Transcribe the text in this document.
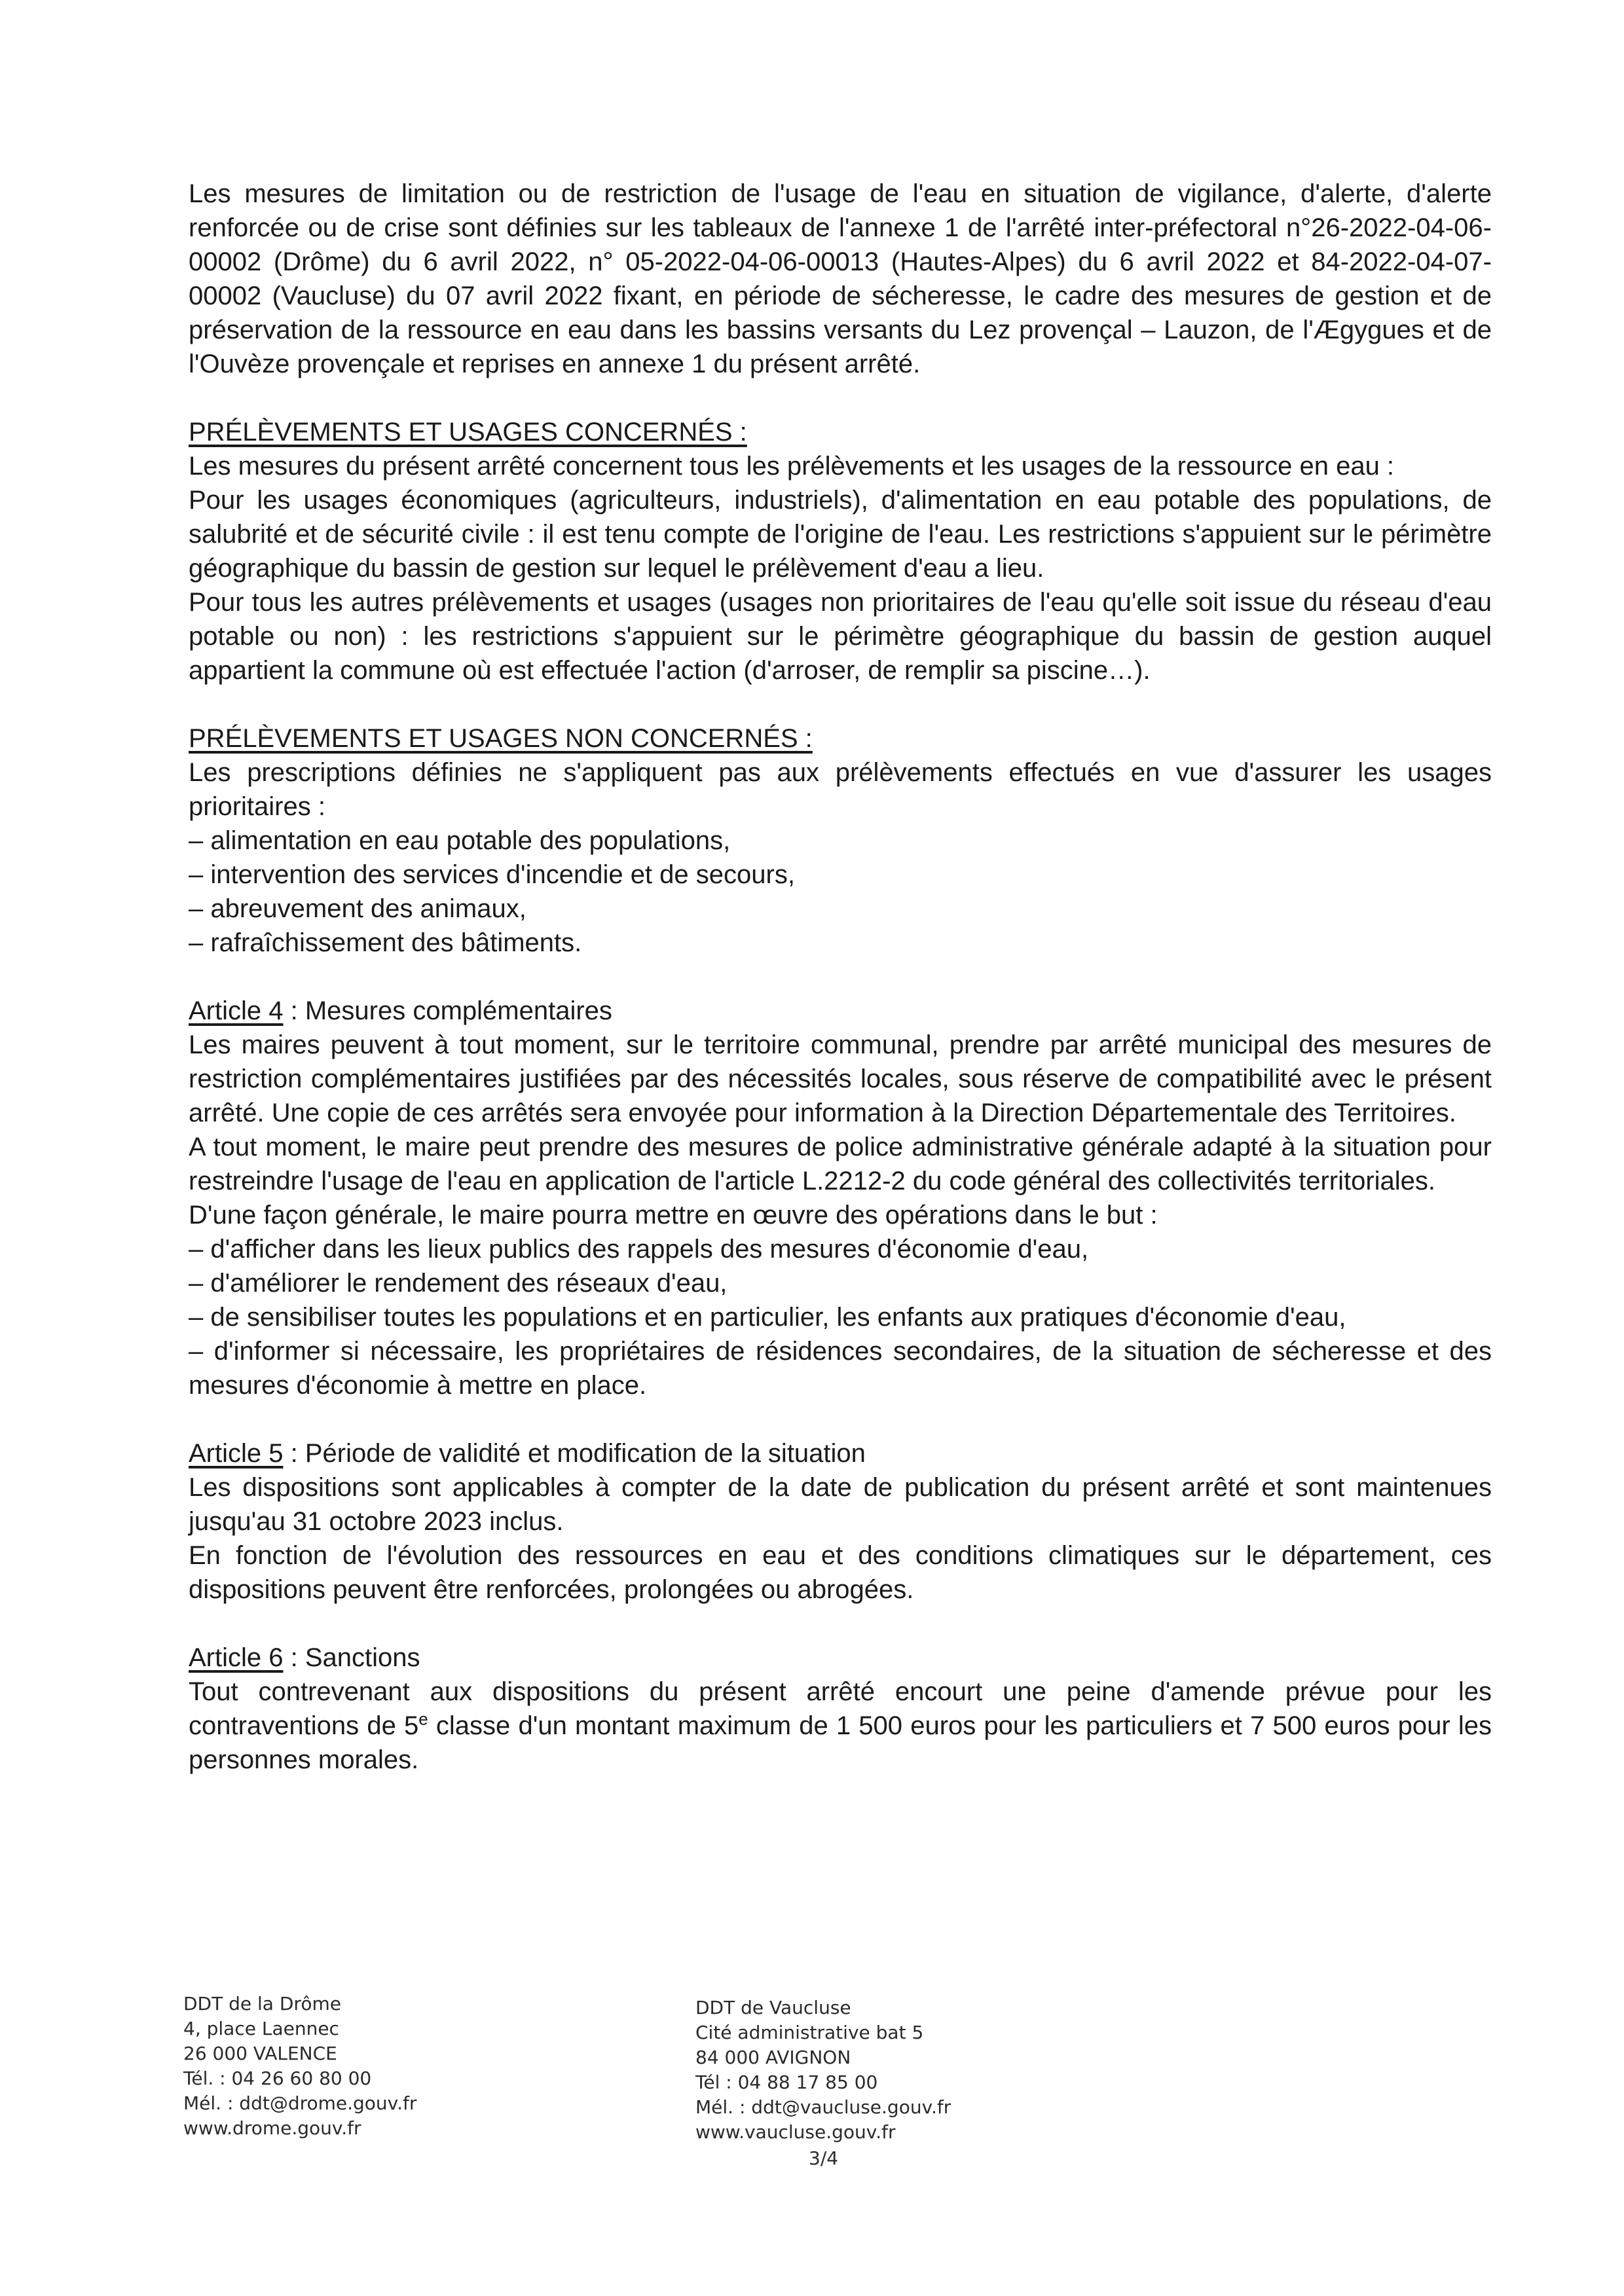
Les mesures de limitation ou de restriction de l'usage de l'eau en situation de vigilance, d'alerte, d'alerte renforcée ou de crise sont définies sur les tableaux de l'annexe 1 de l'arrêté inter-préfectoral n°26-2022-04-06-00002 (Drôme) du 6 avril 2022, n° 05-2022-04-06-00013 (Hautes-Alpes) du 6 avril 2022 et 84-2022-04-07-00002 (Vaucluse) du 07 avril 2022 fixant, en période de sécheresse, le cadre des mesures de gestion et de préservation de la ressource en eau dans les bassins versants du Lez provençal – Lauzon, de l'Ægygues et de l'Ouvèze provençale et reprises en annexe 1 du présent arrêté.

PRÉLÈVEMENTS ET USAGES CONCERNÉS :

Les mesures du présent arrêté concernent tous les prélèvements et les usages de la ressource en eau :

Pour les usages économiques (agriculteurs, industriels), d'alimentation en eau potable des populations, de salubrité et de sécurité civile : il est tenu compte de l'origine de l'eau. Les restrictions s'appuient sur le périmètre géographique du bassin de gestion sur lequel le prélèvement d'eau a lieu.

Pour tous les autres prélèvements et usages (usages non prioritaires de l'eau qu'elle soit issue du réseau d'eau potable ou non) : les restrictions s'appuient sur le périmètre géographique du bassin de gestion auquel appartient la commune où est effectuée l'action (d'arroser, de remplir sa piscine…).

PRÉLÈVEMENTS ET USAGES NON CONCERNÉS :

Les prescriptions définies ne s'appliquent pas aux prélèvements effectués en vue d'assurer les usages prioritaires :

– alimentation en eau potable des populations,

– intervention des services d'incendie et de secours,

– abreuvement des animaux,

– rafraîchissement des bâtiments.

Article 4 : Mesures complémentaires

Les maires peuvent à tout moment, sur le territoire communal, prendre par arrêté municipal des mesures de restriction complémentaires justifiées par des nécessités locales, sous réserve de compatibilité avec le présent arrêté. Une copie de ces arrêtés sera envoyée pour information à la Direction Départementale des Territoires.

A tout moment, le maire peut prendre des mesures de police administrative générale adapté à la situation pour restreindre l'usage de l'eau en application de l'article L.2212-2 du code général des collectivités territoriales.

D'une façon générale, le maire pourra mettre en œuvre des opérations dans le but :

– d'afficher dans les lieux publics des rappels des mesures d'économie d'eau,

– d'améliorer le rendement des réseaux d'eau,

– de sensibiliser toutes les populations et en particulier, les enfants aux pratiques d'économie d'eau,

– d'informer si nécessaire, les propriétaires de résidences secondaires, de la situation de sécheresse et des mesures d'économie à mettre en place.

Article 5 : Période de validité et modification de la situation

Les dispositions sont applicables à compter de la date de publication du présent arrêté et sont maintenues jusqu'au 31 octobre 2023 inclus.

En fonction de l'évolution des ressources en eau et des conditions climatiques sur le département, ces dispositions peuvent être renforcées, prolongées ou abrogées.

Article 6 : Sanctions

Tout contrevenant aux dispositions du présent arrêté encourt une peine d'amende prévue pour les contraventions de 5e classe d'un montant maximum de 1 500 euros pour les particuliers et 7 500 euros pour les personnes morales.

DDT de la Drôme
4, place Laennec
26 000 VALENCE
Tél. : 04 26 60 80 00
Mél. : ddt@drome.gouv.fr
www.drome.gouv.fr
DDT de Vaucluse
Cité administrative bat 5
84 000 AVIGNON
Tél : 04 88 17 85 00
Mél. : ddt@vaucluse.gouv.fr
www.vaucluse.gouv.fr
3/4
